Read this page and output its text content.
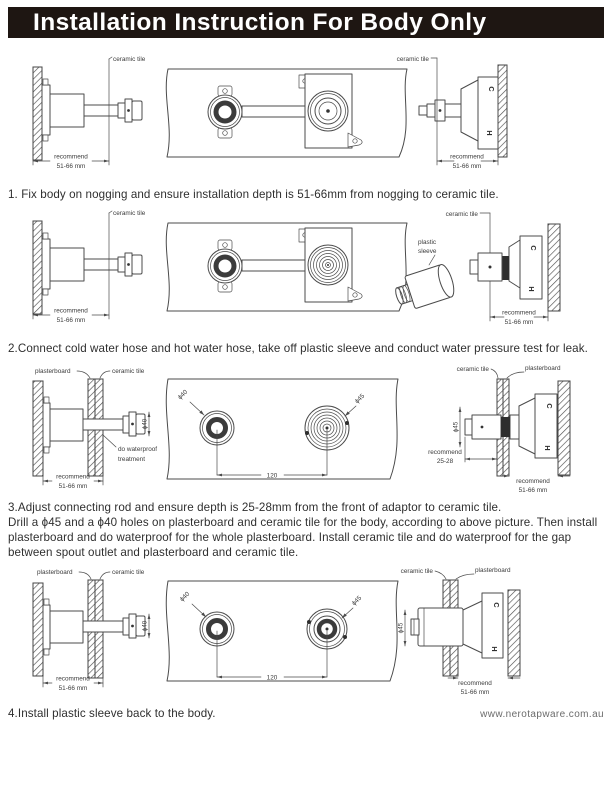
Installation Instruction For Body Only
ceramic tile
recommend
51-66 mm
C
H
ceramic tile
recommend
51-66 mm

1. Fix body on nogging and ensure installation depth is 51-66mm from nogging to ceramic tile.

ceramic tile
recommend
51-66 mm
plastic
sleeve	C
H
ceramic tile
recommend
51-66 mm

2.Connect cold water hose and hot water hose, take off plastic sleeve and conduct water pressure test for leak.

plasterboard	ceramic tile
ϕ40
do waterproof
treatment
recommend
51-66 mm
ϕ40	ϕ45
120
ceramic tile	plasterboard
C
H
ϕ45
recommend
25-28
recommend
51-66 mm

3.Adjust connecting rod and ensure depth is 25-28mm from the front of adaptor to ceramic tile.

Drill a ϕ45 and a ϕ40 holes on plasterboard and ceramic tile for the body, according to above picture. Then install plasterboard and do waterproof for the whole plasterboard. Install ceramic tile and do waterproof for the gap between spout outlet and plasterboard and ceramic tile.

plasterboard	ceramic tile
ϕ40
recommend
51-66 mm
ϕ40	ϕ45
120
ceramic tile	plasterboard
C
H
ϕ45
recommend
51-66 mm

4.Install plastic sleeve back to the body.	www.nerotapware.com.au
